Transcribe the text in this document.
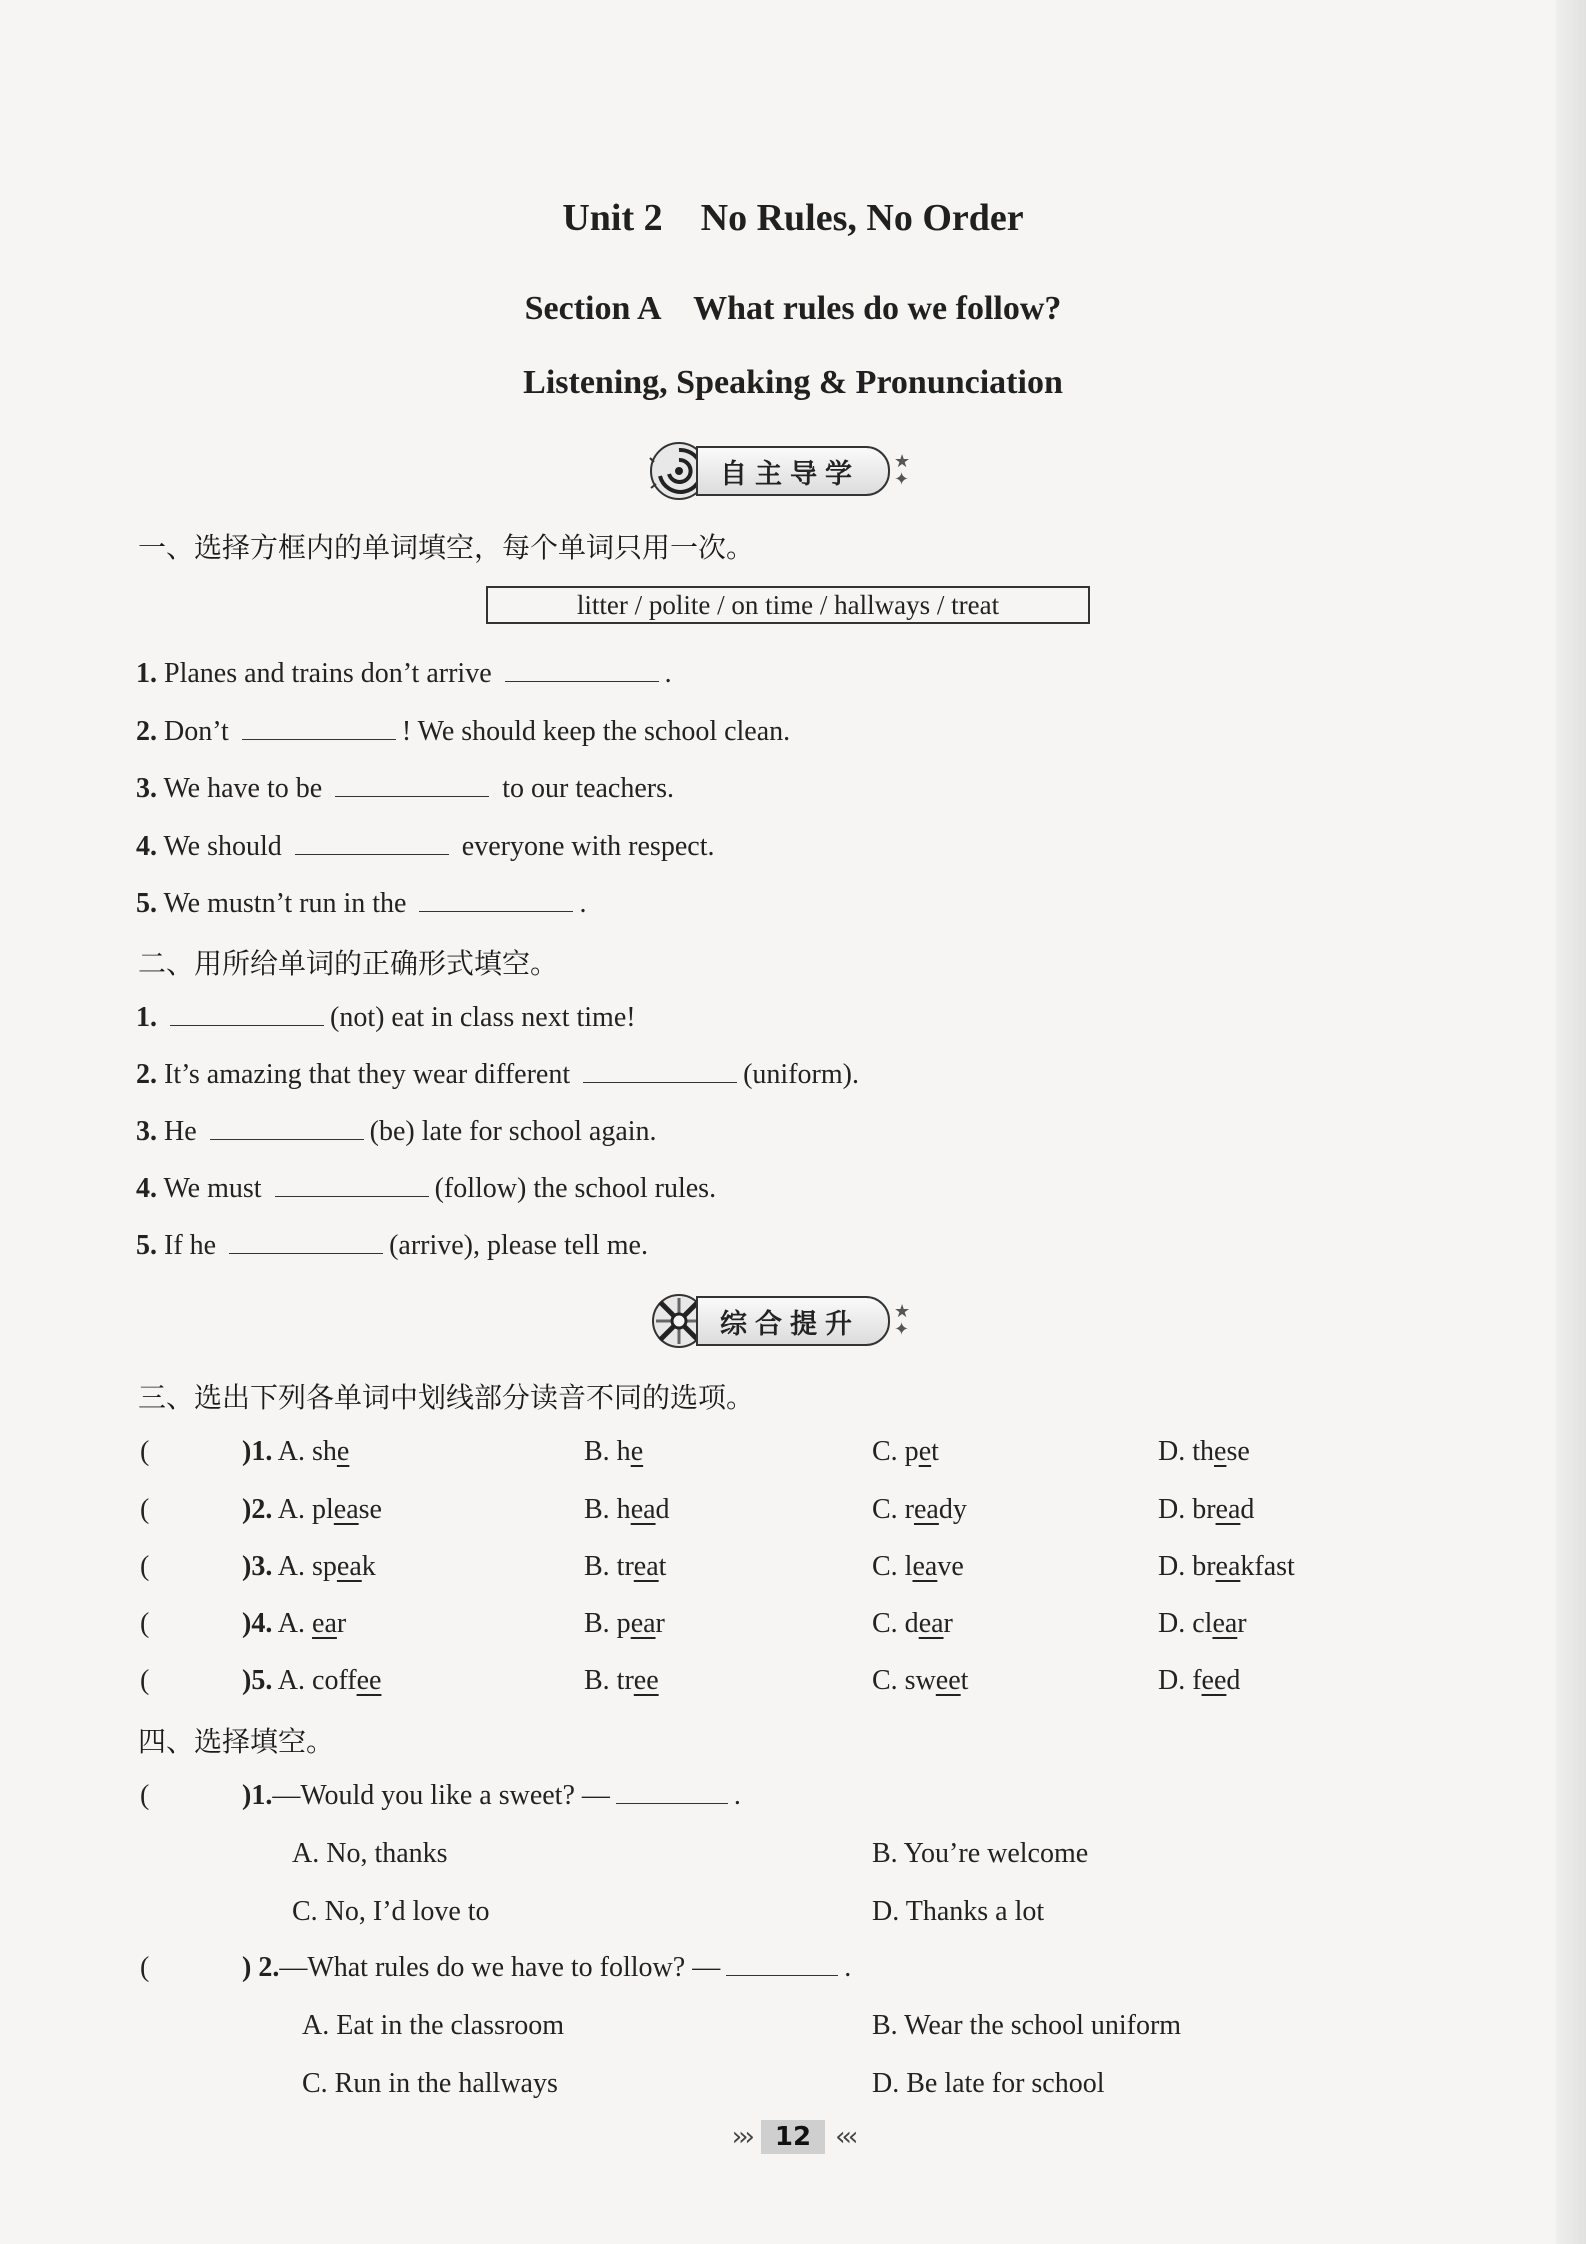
Unit 2    No Rules, No Order
Section A    What rules do we follow?
Listening, Speaking & Pronunciation
自主导学	★
✦
一、选择方框内的单词填空，每个单词只用一次。
litter / polite / on time / hallways / treat
1. Planes and trains don’t arrive	.
2. Don’t	! We should keep the school clean.
3. We have to be	to our teachers.
4. We should	everyone with respect.
5. We mustn’t run in the	.
二、用所给单词的正确形式填空。
1.	(not) eat in class next time!
2. It’s amazing that they wear different	(uniform).
3. He	(be) late for school again.
4. We must	(follow) the school rules.
5. If he	(arrive), please tell me.
综合提升	★
✦
三、选出下列各单词中划线部分读音不同的选项。
(	)1. A. she	B. he	C. pet	D. these
(	)2. A. please	B. head	C. ready	D. bread
(	)3. A. speak	B. treat	C. leave	D. breakfast
(	)4. A. ear	B. pear	C. dear	D. clear
(	)5. A. coffee	B. tree	C. sweet	D. feed
四、选择填空。
(	)1.—Would you like a sweet? —	.
A. No, thanks	B. You’re welcome
C. No, I’d love to	D. Thanks a lot
(	) 2.—What rules do we have to follow? —	.
A. Eat in the classroom	B. Wear the school uniform
C. Run in the hallways	D. Be late for school
››› 12 ‹‹‹
